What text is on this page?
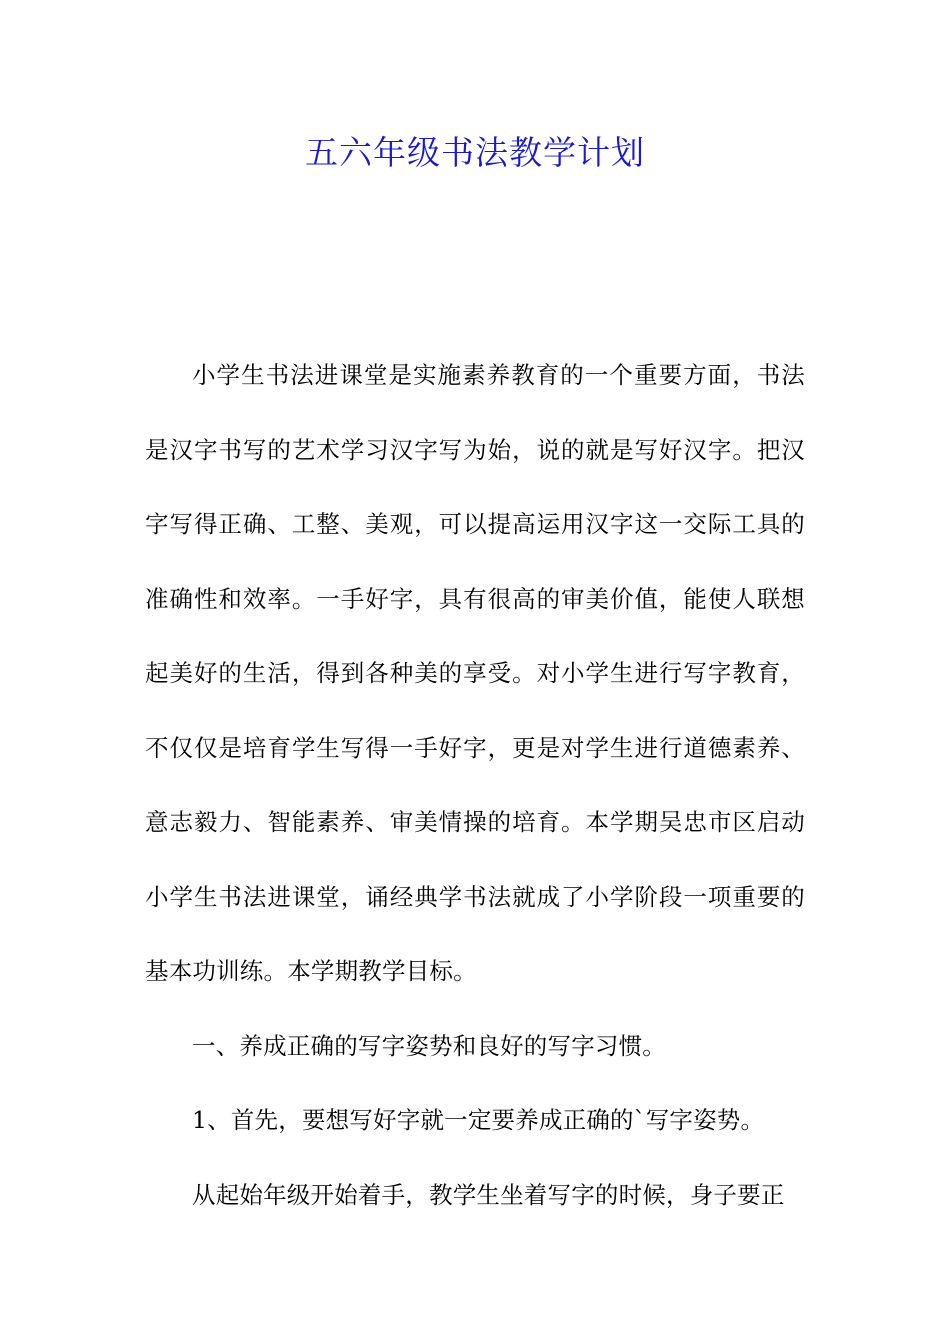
五六年级书法教学计划

小学生书法进课堂是实施素养教育的一个重要方面，书法是汉字书写的艺术学习汉字写为始，说的就是写好汉字。把汉字写得正确、工整、美观，可以提高运用汉字这一交际工具的准确性和效率。一手好字，具有很高的审美价值，能使人联想起美好的生活，得到各种美的享受。对小学生进行写字教育，不仅仅是培育学生写得一手好字，更是对学生进行道德素养、意志毅力、智能素养、审美情操的培育。本学期吴忠市区启动小学生书法进课堂，诵经典学书法就成了小学阶段一项重要的基本功训练。本学期教学目标。

一、养成正确的写字姿势和良好的写字习惯。

1、首先，要想写好字就一定要养成正确的`写字姿势。

从起始年级开始着手，教学生坐着写字的时候，身子要正
